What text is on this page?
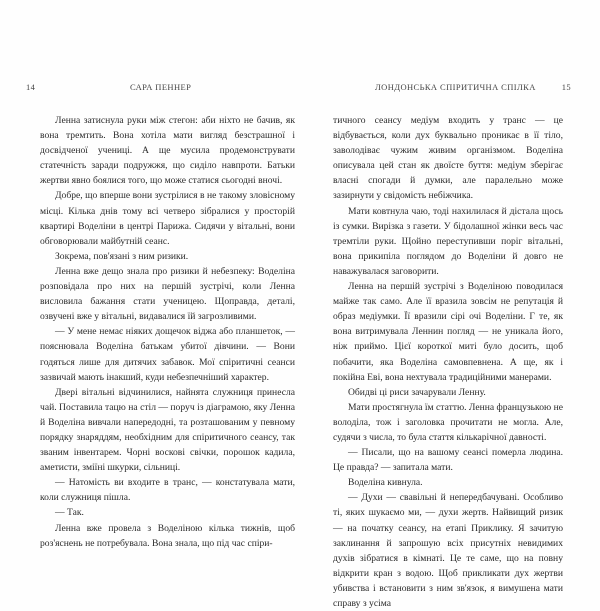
14	САРА ПЕННЕР

Ленна затиснула руки між стегон: аби ніхто не бачив, як вона тремтить. Вона хотіла мати вигляд безстрашної і досвідченої учениці. А ще мусила продемонструвати статечність заради подружжя, що сиділо навпроти. Батьки жертви явно боялися того, що може статися сьогодні вночі.

Добре, що вперше вони зустрілися в не такому зловісному місці. Кілька днів тому всі четверо зібралися у просторій квартирі Воделіни в центрі Парижа. Сидячи у вітальні, вони обговорювали майбутній сеанс.

Зокрема, пов'язані з ним ризики.

Ленна вже дещо знала про ризики й небезпеку: Воделіна розповідала про них на першій зустрічі, коли Ленна висловила бажання стати ученицею. Щоправда, деталі, озвучені вже у вітальні, видавалися їй загрозливими.

— У мене немає ніяких дощечок віджа або планшеток, — пояснювала Воделіна батькам убитої дівчини. — Вони годяться лише для дитячих забавок. Мої спіритичні сеанси зазвичай мають інакший, куди небезпечніший характер.

Двері вітальні відчинилися, найнята служниця принесла чай. Поставила тацю на стіл — поруч із діаграмою, яку Ленна й Воделіна вивчали напередодні, та розташованим у певному порядку знаряддям, необхідним для спіритичного сеансу, так званим інвентарем. Чорні воскові свічки, порошок кадила, аметисти, зміїні шкурки, сільниці.

— Натомість ви входите в транс, — констатувала мати, коли служниця пішла.

— Так.

Ленна вже провела з Воделіною кілька тижнів, щоб роз'яснень не потребувала. Вона знала, що під час спіри-

ЛОНДОНСЬКА СПІРИТИЧНА СПІЛКА	15

тичного сеансу медіум входить у транс — це відбувається, коли дух буквально проникає в її тіло, заволодіває чужим живим організмом. Воделіна описувала цей стан як двоїсте буття: медіум зберігає власні спогади й думки, але паралельно може зазирнути у свідомість небіжчика.

Мати ковтнула чаю, тоді нахилилася й дістала щось із сумки. Вирізка з газети. У бідолашної жінки весь час тремтіли руки. Щойно переступивши поріг вітальні, вона прикипіла поглядом до Воделіни й довго не наважувалася заговорити.

Ленна на першій зустрічі з Воделіною поводилася майже так само. Але її вразила зовсім не репутація й образ медіумки. Її вразили сірі очі Воделіни. Г те, як вона витримувала Леннин погляд — не уникала його, ніж приймо. Цієї короткої миті було досить, щоб побачити, яка Воделіна самовпевнена. А ще, як і покійна Еві, вона нехтувала традиційними манерами.

Обидві ці риси зачарували Ленну.

Мати простягнула їм статтю. Ленна французькою не володіла, тож і заголовка прочитати не могла. Але, судячи з числа, то була стаття кількарічної давності.

— Писали, що на вашому сеансі померла людина. Це правда? — запитала мати.

Воделіна кивнула.

— Духи — свавільні й непередбачувані. Особливо ті, яких шукаємо ми, — духи жертв. Найвищий ризик — на початку сеансу, на етапі Приклику. Я зачитую заклинання й запрошую всіх присутніх невидимих духів зібратися в кімнаті. Це те саме, що на повну відкрити кран з водою. Щоб прикликати дух жертви убивства і встановити з ним зв'язок, я вимушена мати справу з усіма
